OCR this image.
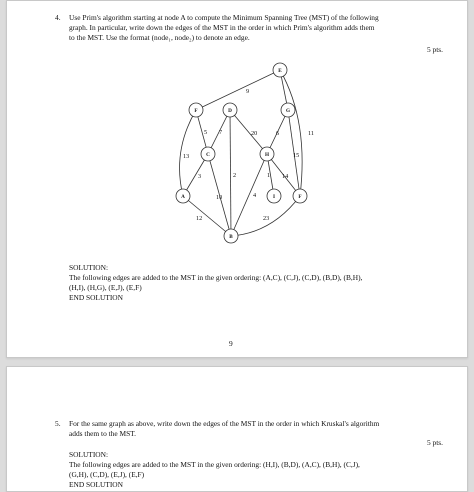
4. Use Prim's algorithm starting at node A to compute the Minimum Spanning Tree (MST) of the following
graph. In particular, write down the edges of the MST in the order in which Prim's algorithm adds them
to the MST. Use the format (node₁, node₂) to denote an edge.
5 pts.
E
F	D	G
C	H
A	I	F
B
9
5 7	20	6	11
13
3	2	1
15
14
10	4
12	23
SOLUTION:
The following edges are added to the MST in the given ordering: (A,C), (C,J), (C,D), (B,D), (B,H),
(H,I), (H,G), (E,J), (E,F)
END SOLUTION
9
5. For the same graph as above, write down the edges of the MST in the order in which Kruskal's algorithm
adds them to the MST.
5 pts.
SOLUTION:
The following edges are added to the MST in the given ordering: (H,I), (B,D), (A,C), (B,H), (C,J),
(G,H), (C,D), (E,J), (E,F)
END SOLUTION
